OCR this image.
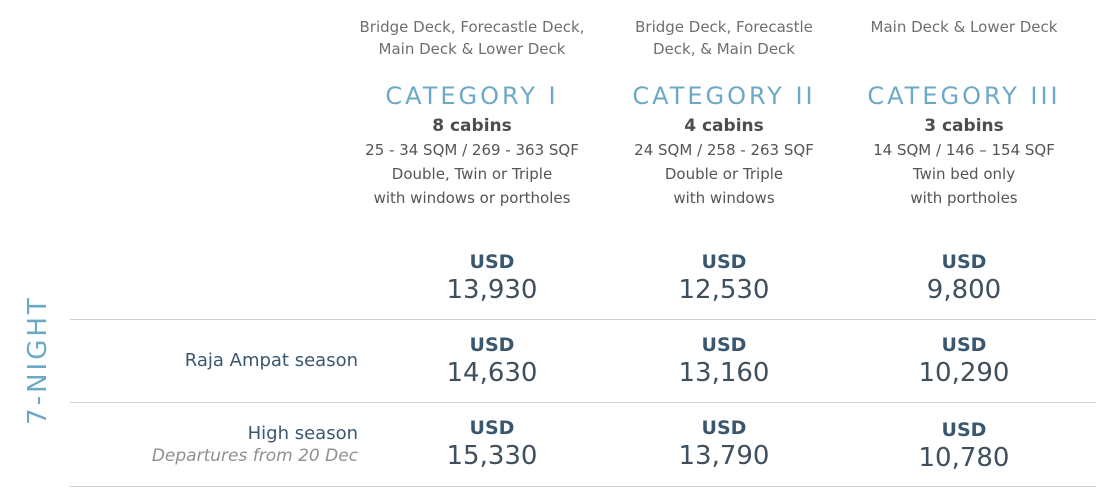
7-NIGHT
Bridge Deck, Forecastle Deck,
Main Deck & Lower Deck
CATEGORY I
8 cabins
25 - 34 SQM / 269 - 363 SQF
Double, Twin or Triple
with windows or portholes
Bridge Deck, Forecastle
Deck, & Main Deck
CATEGORY II
4 cabins
24 SQM / 258 - 263 SQF
Double or Triple
with windows
Main Deck & Lower Deck
CATEGORY III
3 cabins
14 SQM / 146 – 154 SQF
Twin bed only
with portholes
USD
13,930
USD
12,530
USD
9,800
Raja Ampat season
USD
14,630
USD
13,160
USD
10,290
High season
Departures from 20 Dec
USD
15,330
USD
13,790
USD
10,780
